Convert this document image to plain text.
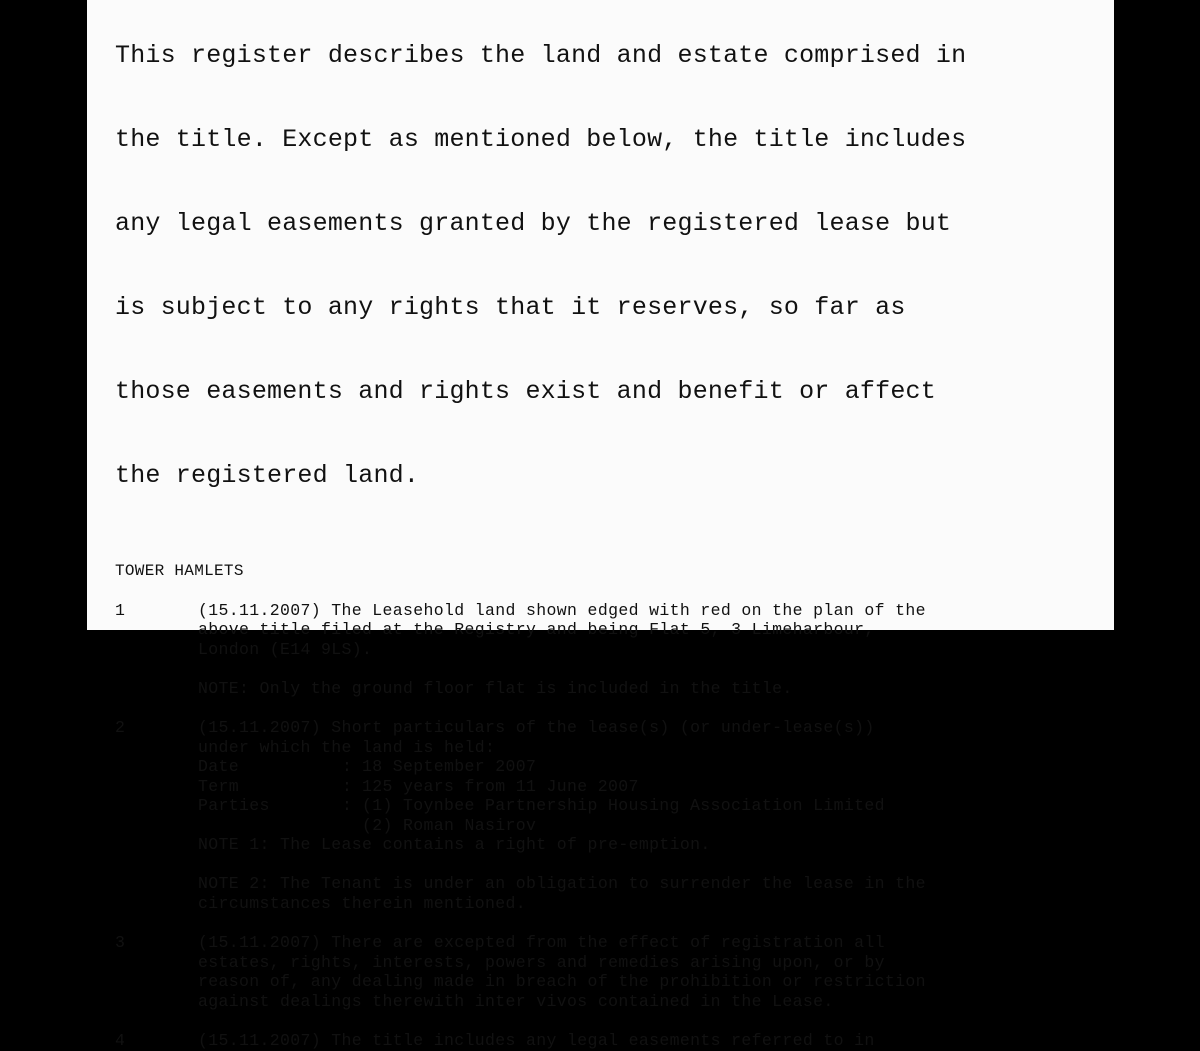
This register describes the land and estate comprised in

the title. Except as mentioned below, the title includes

any legal easements granted by the registered lease but

is subject to any rights that it reserves, so far as

those easements and rights exist and benefit or affect

the registered land.

TOWER HAMLETS
1	(15.11.2007) The Leasehold land shown edged with red on the plan of the
above title filed at the Registry and being Flat 5, 3 Limeharbour,
London (E14 9LS).
NOTE: Only the ground floor flat is included in the title.
2	(15.11.2007) Short particulars of the lease(s) (or under-lease(s))
under which the land is held:
Date	: 18 September 2007
Term	: 125 years from 11 June 2007
Parties	: (1) Toynbee Partnership Housing Association Limited
(2) Roman Nasirov
NOTE 1: The Lease contains a right of pre-emption.
NOTE 2: The Tenant is under an obligation to surrender the lease in the
circumstances therein mentioned.
3	(15.11.2007) There are excepted from the effect of registration all
estates, rights, interests, powers and remedies arising upon, or by
reason of, any dealing made in breach of the prohibition or restriction
against dealings therewith inter vivos contained in the Lease.
4	(15.11.2007) The title includes any legal easements referred to in
